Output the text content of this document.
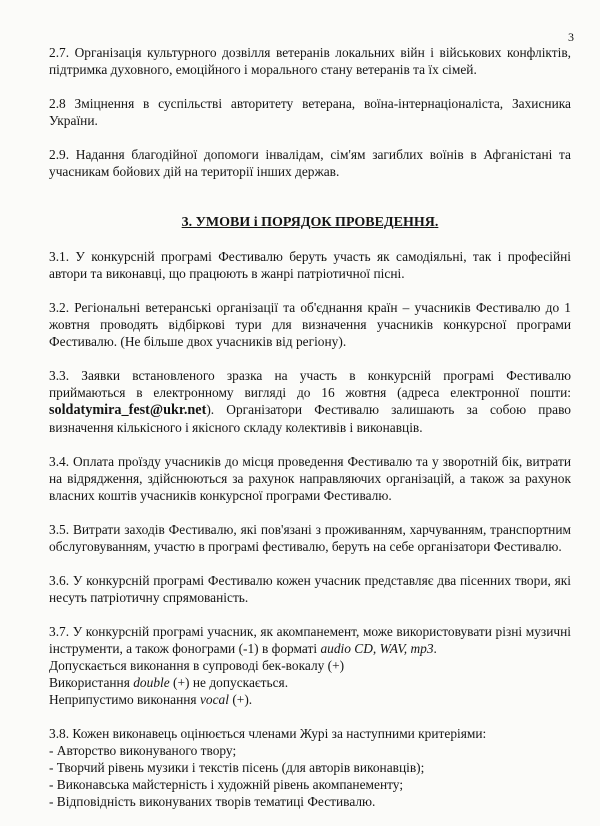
3

2.7. Організація культурного дозвілля ветеранів локальних війн і військових конфліктів, підтримка духовного, емоційного і морального стану ветеранів та їх сімей.

2.8 Зміцнення в суспільстві авторитету ветерана, воїна-інтернаціоналіста, Захисника України.

2.9. Надання благодійної допомоги інвалідам, сім'ям загиблих воїнів в Афганістані та учасникам бойових дій на території інших держав.

3. УМОВИ і ПОРЯДОК ПРОВЕДЕННЯ.

3.1. У конкурсній програмі Фестивалю беруть участь як самодіяльні, так і професійні автори та виконавці, що працюють в жанрі патріотичної пісні.

3.2. Регіональні ветеранські організації та об'єднання країн – учасників Фестивалю до 1 жовтня проводять відбіркові тури для визначення учасників конкурсної програми Фестивалю. (Не більше двох учасників від регіону).

3.3. Заявки встановленого зразка на участь в конкурсній програмі Фестивалю приймаються в електронному вигляді до 16 жовтня (адреса електронної пошти: soldatymira_fest@ukr.net). Організатори Фестивалю залишають за собою право визначення кількісного і якісного складу колективів і виконавців.

3.4. Оплата проїзду учасників до місця проведення Фестивалю та у зворотній бік, витрати на відрядження, здійснюються за рахунок направляючих організацій, а також за рахунок власних коштів учасників конкурсної програми Фестивалю.

3.5. Витрати заходів Фестивалю, які пов'язані з проживанням, харчуванням, транспортним обслуговуванням, участю в програмі фестивалю, беруть на себе організатори Фестивалю.

3.6. У конкурсній програмі Фестивалю кожен учасник представляє два пісенних твори, які несуть патріотичну спрямованість.

3.7. У конкурсній програмі учасник, як акомпанемент, може використовувати різні музичні інструменти, а також фонограми (-1) в форматі audio CD, WAV, mp3.

Допускається виконання в супроводі бек-вокалу (+)

Використання double (+) не допускається.

Неприпустимо виконання vocal (+).

3.8. Кожен виконавець оцінюється членами Журі за наступними критеріями:

- Авторство виконуваного твору;

- Творчий рівень музики і текстів пісень (для авторів виконавців);

- Виконавська майстерність і художній рівень акомпанементу;

- Відповідність виконуваних творів тематиці Фестивалю.
